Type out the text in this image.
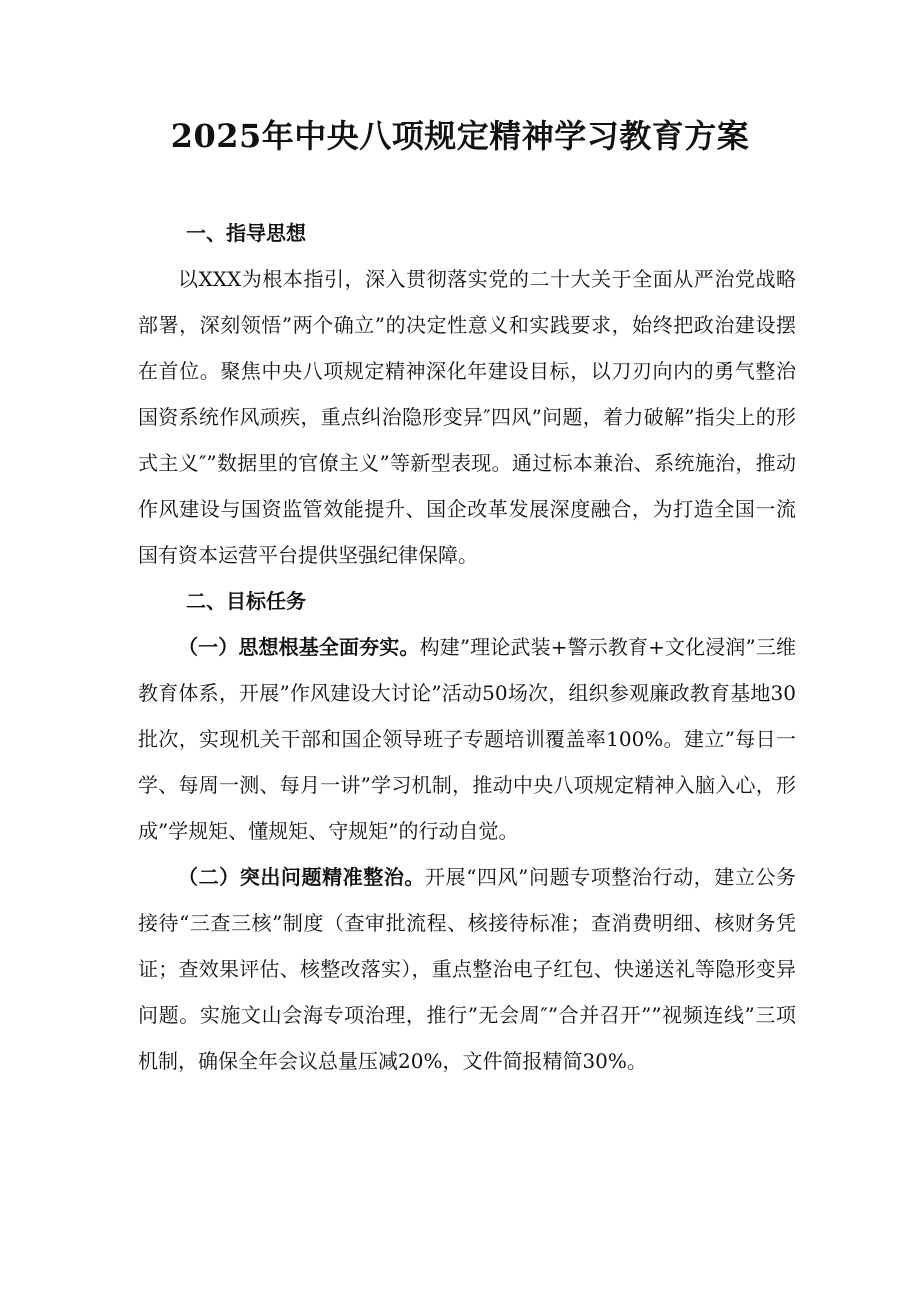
2025年中央八项规定精神学习教育方案
一、指导思想

以XXX为根本指引，深入贯彻落实党的二十大关于全面从严治党战略部署，深刻领悟”两个确立”的决定性意义和实践要求，始终把政治建设摆在首位。聚焦中央八项规定精神深化年建设目标，以刀刃向内的勇气整治国资系统作风顽疾，重点纠治隐形变异″四风”问题，着力破解”指尖上的形式主义″”数据里的官僚主义”等新型表现。通过标本兼治、系统施治，推动作风建设与国资监管效能提升、国企改革发展深度融合，为打造全国一流国有资本运营平台提供坚强纪律保障。

二、目标任务

（一）思想根基全面夯实。构建”理论武装+警示教育+文化浸润”三维教育体系，开展”作风建设大讨论”活动50场次，组织参观廉政教育基地30批次，实现机关干部和国企领导班子专题培训覆盖率100%。建立”每日一学、每周一测、每月一讲”学习机制，推动中央八项规定精神入脑入心，形成”学规矩、懂规矩、守规矩”的行动自觉。

（二）突出问题精准整治。开展“四风”问题专项整治行动，建立公务接待“三查三核”制度（查审批流程、核接待标准；查消费明细、核财务凭证；查效果评估、核整改落实），重点整治电子红包、快递送礼等隐形变异问题。实施文山会海专项治理，推行”无会周″”合并召开””视频连线”三项机制，确保全年会议总量压减20%，文件简报精简30%。
